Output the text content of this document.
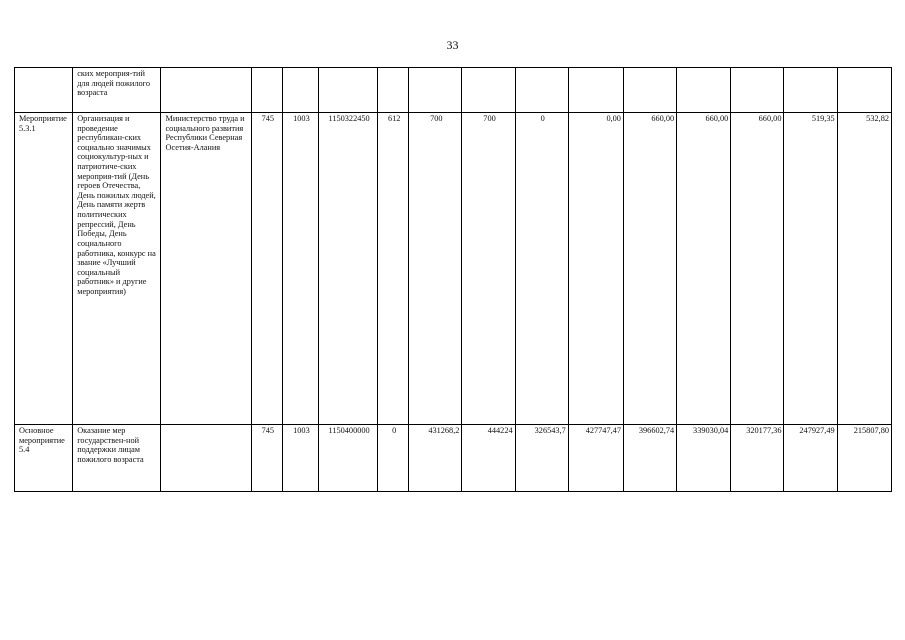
33
	ских мероприя-тий для людей пожилого возраста														
Мероприятие 5.3.1	Организация и проведение республикан-ских социально значимых социокультур-ных и патриотиче-ских мероприя-тий (День героев Отечества, День пожилых людей, День памяти жертв политических репрессий, День Победы, День социального работника, конкурс на звание «Лучший социальный работник» и другие мероприятия)	Министерство труда и социального развития Республики Северная Осетия-Алания	745	1003	1150322450	612	700	700	0	0,00	660,00	660,00	660,00	519,35	532,82
Основное мероприятие 5.4	Оказание мер государствен-ной поддержки лицам пожилого возраста		745	1003	1150400000	0	431268,2	444224	326543,7	427747,47	396602,74	339030,04	320177,36	247927,49	215807,80
